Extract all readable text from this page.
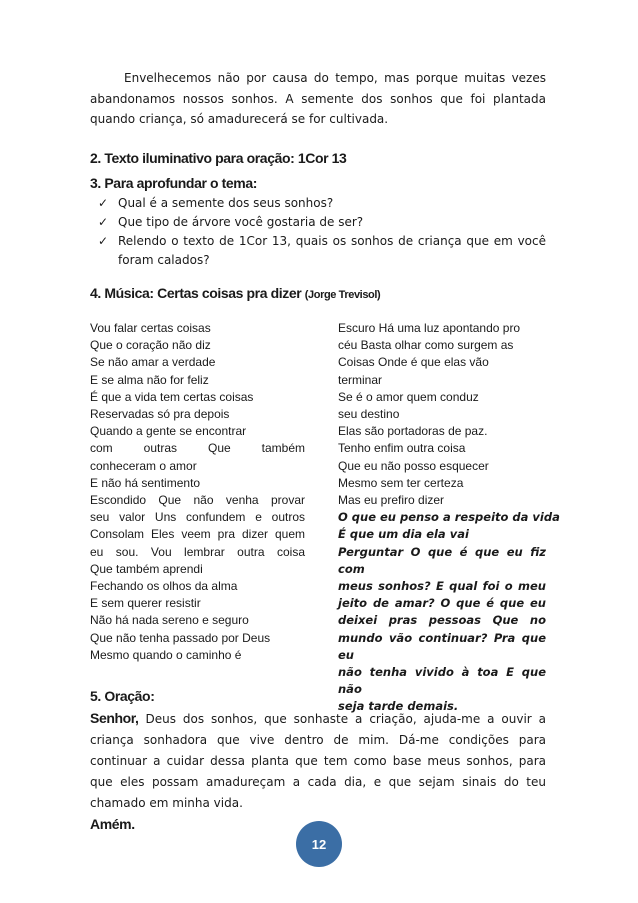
Envelhecemos não por causa do tempo, mas porque muitas vezes abandonamos nossos sonhos. A semente dos sonhos que foi plantada quando criança, só amadurecerá se for cultivada.

2. Texto iluminativo para oração: 1Cor 13
3. Para aprofundar o tema:
✓ Qual é a semente dos seus sonhos?
✓ Que tipo de árvore você gostaria de ser?
✓ Relendo o texto de 1Cor 13, quais os sonhos de criança que em você foram calados?
4. Música: Certas coisas pra dizer (Jorge Trevisol)
Vou falar certas coisas
Que o coração não diz
Se não amar a verdade
E se alma não for feliz
É que a vida tem certas coisas
Reservadas só pra depois
Quando a gente se encontrar
com outras Que também
conheceram o amor
E não há sentimento
Escondido Que não venha provar
seu valor Uns confundem e outros
Consolam Eles veem pra dizer quem
eu sou. Vou lembrar outra coisa
Que também aprendi
Fechando os olhos da alma
E sem querer resistir
Não há nada sereno e seguro
Que não tenha passado por Deus
Mesmo quando o caminho é
Escuro Há uma luz apontando pro
céu Basta olhar como surgem as
Coisas Onde é que elas vão
terminar
Se é o amor quem conduz
seu destino
Elas são portadoras de paz.
Tenho enfim outra coisa
Que eu não posso esquecer
Mesmo sem ter certeza
Mas eu prefiro dizer
O que eu penso a respeito da vida
É que um dia ela vai
Perguntar O que é que eu fiz com
meus sonhos? E qual foi o meu
jeito de amar? O que é que eu
deixei pras pessoas Que no
mundo vão continuar? Pra que eu
não tenha vivido à toa E que não
seja tarde demais.
5. Oração:

Senhor, Deus dos sonhos, que sonhaste a criação, ajuda-me a ouvir a criança sonhadora que vive dentro de mim. Dá-me condições para continuar a cuidar dessa planta que tem como base meus sonhos, para que eles possam amadureçam a cada dia, e que sejam sinais do teu chamado em minha vida.
Amém.

12
